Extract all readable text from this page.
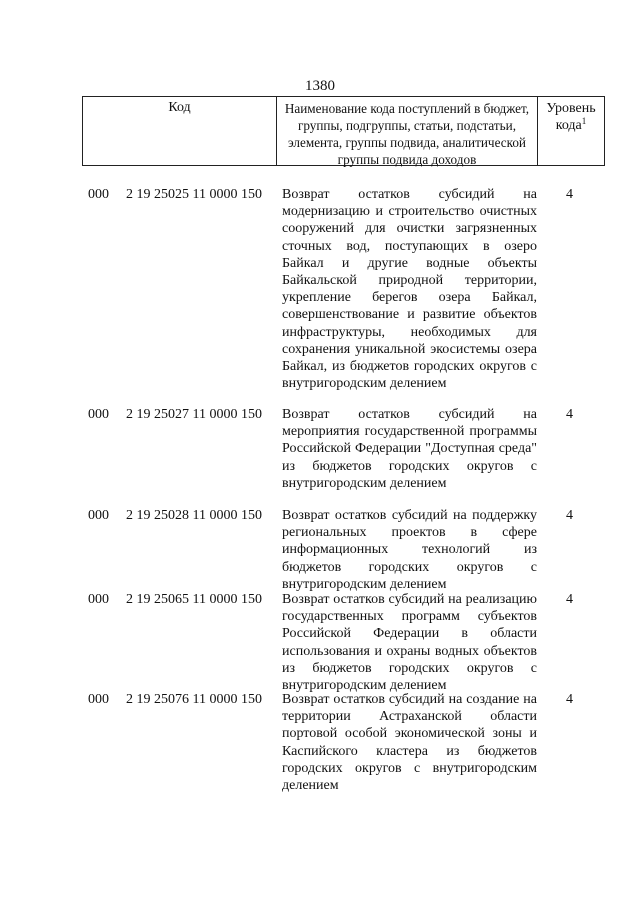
1380
Код	Наименование кода поступлений в бюджет, группы, подгруппы, статьи, подстатьи, элемента, группы подвида, аналитической группы подвида доходов
Уровень кода$^1$
000 2 19 25025 11 0000 150 Возврат остатков субсидий на модернизацию и строительство очистных сооружений для очистки загрязненных сточных вод, поступающих в озеро Байкал и другие водные объекты Байкальской природной территории, укрепление берегов озера Байкал, совершенствование и развитие объектов инфраструктуры, необходимых для сохранения уникальной экосистемы озера Байкал, из бюджетов городских округов с внутригородским делением
4
000 2 19 25027 11 0000 150 Возврат остатков субсидий на мероприятия государственной программы Российской Федерации "Доступная среда" из бюджетов городских округов с внутригородским делением
4
000 2 19 25028 11 0000 150 Возврат остатков субсидий на поддержку региональных проектов в сфере информационных технологий из бюджетов городских округов с внутригородским делением
4
000 2 19 25065 11 0000 150 Возврат остатков субсидий на реализацию государственных программ субъектов Российской Федерации в области использования и охраны водных объектов из бюджетов городских округов с внутригородским делением
4
000 2 19 25076 11 0000 150 Возврат остатков субсидий на создание на территории Астраханской области портовой особой экономической зоны и Каспийского кластера из бюджетов городских округов с внутригородским делением
4
